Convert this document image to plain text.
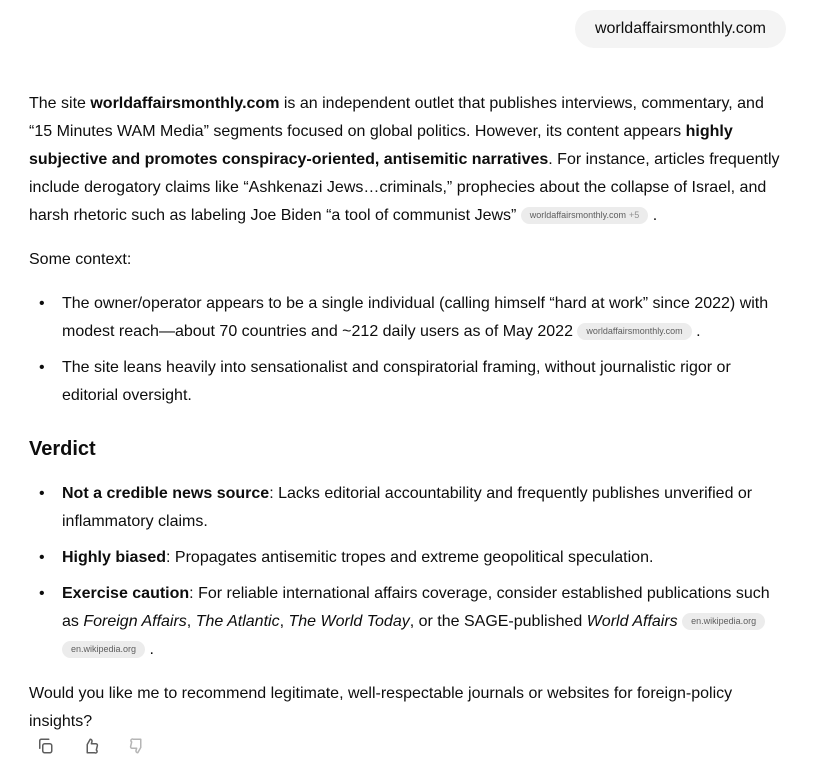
worldaffairsmonthly.com

The site worldaffairsmonthly.com is an independent outlet that publishes interviews, commentary, and “15 Minutes WAM Media” segments focused on global politics. However, its content appears highly subjective and promotes conspiracy-oriented, antisemitic narratives. For instance, articles frequently include derogatory claims like “Ashkenazi Jews…criminals,” prophecies about the collapse of Israel, and harsh rhetoric such as labeling Joe Biden “a tool of communist Jews” worldaffairsmonthly.com +5 .

Some context:

• The owner/operator appears to be a single individual (calling himself “hard at work” since 2022) with modest reach—about 70 countries and ~212 daily users as of May 2022 worldaffairsmonthly.com .
• The site leans heavily into sensationalist and conspiratorial framing, without journalistic rigor or editorial oversight.
Verdict
• Not a credible news source: Lacks editorial accountability and frequently publishes unverified or inflammatory claims.
• Highly biased: Propagates antisemitic tropes and extreme geopolitical speculation.
• Exercise caution: For reliable international affairs coverage, consider established publications such as Foreign Affairs, The Atlantic, The World Today, or the SAGE-published World Affairs en.wikipedia.org en.wikipedia.org .

Would you like me to recommend legitimate, well-respectable journals or websites for foreign-policy insights?
